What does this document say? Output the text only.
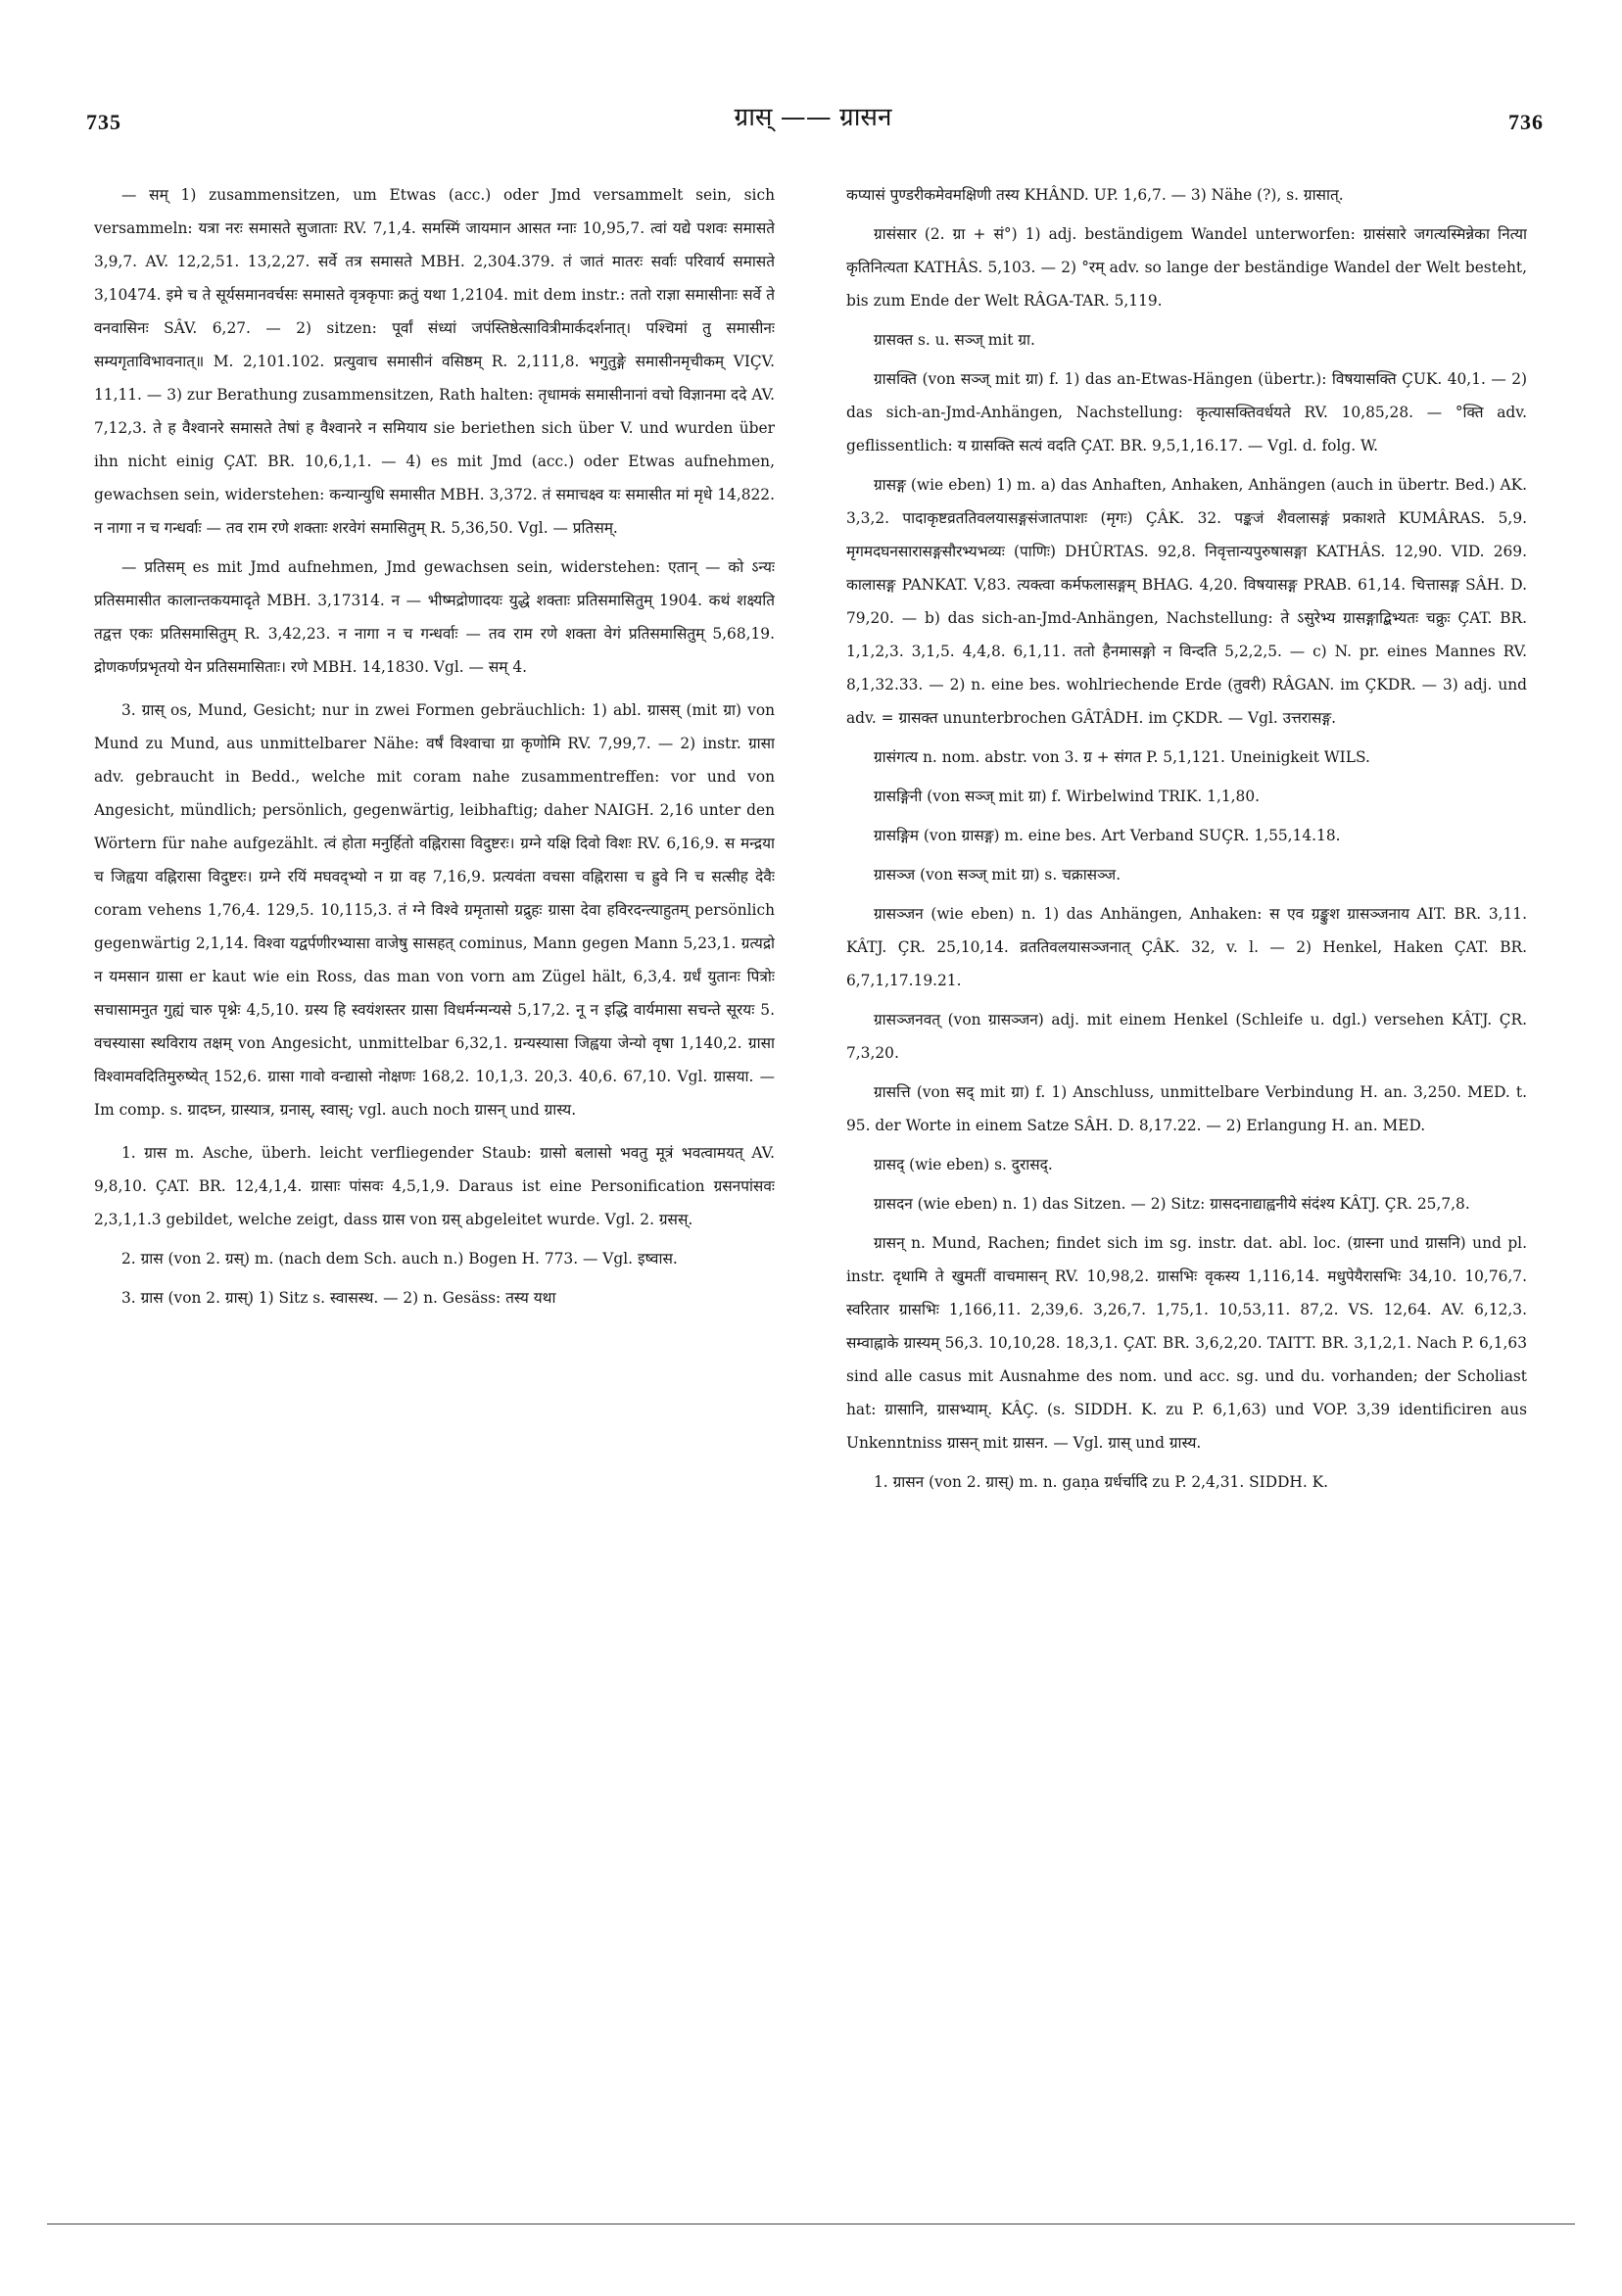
735	ग्रास् —— ग्रासन	736

— सम् 1) zusammensitzen, um Etwas (acc.) oder Jmd versammelt sein, sich versammeln: यत्रा नरः समासते सुजाताः RV. 7,1,4. समस्मिं जायमान आसत ग्नाः 10,95,7. त्वां यद्ये पशवः समासते 3,9,7. AV. 12,2,51. 13,2,27. सर्वे तत्र समासते MBH. 2,304.379. तं जातं मातरः सर्वाः परिवार्य समासते 3,10474. इमे च ते सूर्यसमानवर्चसः समासते वृत्रकृपाः क्रतुं यथा 1,2104. mit dem instr.: ततो राज्ञा समासीनाः सर्वे ते वनवासिनः SÂV. 6,27. — 2) sitzen: पूर्वां संध्यां जपंस्तिष्ठेत्सावित्रीमार्कदर्शनात्। पश्चिमां तु समासीनः सम्यगृताविभावनात्॥ M. 2,101.102. प्रत्युवाच समासीनं वसिष्ठम् R. 2,111,8. भगुतुङ्गे समासीनमृचीकम् VIÇV. 11,11. — 3) zur Berathung zusammensitzen, Rath halten: तृधामकं समासीनानां वचो विज्ञानमा ददे AV. 7,12,3. ते ह वैश्वानरे समासते तेषां ह वैश्वानरे न समियाय sie beriethen sich über V. und wurden über ihn nicht einig ÇAT. BR. 10,6,1,1. — 4) es mit Jmd (acc.) oder Etwas aufnehmen, gewachsen sein, widerstehen: कन्यान्युधि समासीत MBH. 3,372. तं समाचक्ष्व यः समासीत मां मृधे 14,822. न नागा न च गन्धर्वाः — तव राम रणे शक्ताः शरवेगं समासितुम् R. 5,36,50. Vgl. — प्रतिसम्.

— प्रतिसम् es mit Jmd aufnehmen, Jmd gewachsen sein, widerstehen: एतान् — को ऽन्यः प्रतिसमासीत कालान्तकयमादृते MBH. 3,17314. न — भीष्मद्रोणादयः युद्धे शक्ताः प्रतिसमासितुम् 1904. कथं शक्ष्यति तद्वत्त एकः प्रतिसमासितुम् R. 3,42,23. न नागा न च गन्धर्वाः — तव राम रणे शक्ता वेगं प्रतिसमासितुम् 5,68,19. द्रोणकर्णप्रभृतयो येन प्रतिसमासिताः। रणे MBH. 14,1830. Vgl. — सम् 4.

3. ग्रास् os, Mund, Gesicht; nur in zwei Formen gebräuchlich: 1) abl. ग्रासस् (mit ग्रा) von Mund zu Mund, aus unmittelbarer Nähe: वर्षं विश्वाचा ग्रा कृणोमि RV. 7,99,7. — 2) instr. ग्रासा adv. gebraucht in Bedd., welche mit coram nahe zusammentreffen: vor und von Angesicht, mündlich; persönlich, gegenwärtig, leibhaftig; daher NAIGH. 2,16 unter den Wörtern für nahe aufgezählt. त्वं होता मनुर्हितो वह्निरासा विदुष्टरः। ग्रग्ने यक्षि दिवो विशः RV. 6,16,9. स मन्द्रया च जिह्वया वह्निरासा विदुष्टरः। ग्रग्ने रयिं मघवद्भ्यो न ग्रा वह 7,16,9. प्रत्यवंता वचसा वह्निरासा च ह्रुवे नि च सत्सीह देवैः coram vehens 1,76,4. 129,5. 10,115,3. तं ग्ने विश्वे ग्रमृतासो ग्रद्रुहः ग्रासा देवा हविरदन्त्याहुतम् persönlich gegenwärtig 2,1,14. विश्वा यद्वर्पणीरभ्यासा वाजेषु सासहत् cominus, Mann gegen Mann 5,23,1. ग्रत्यद्रो न यमसान ग्रासा er kaut wie ein Ross, das man von vorn am Zügel hält, 6,3,4. ग्रर्धं युतानः पित्रोः सचासामनुत गुह्यं चारु पृश्नेः 4,5,10. ग्रस्य हि स्वयंशस्तर ग्रासा विधर्मन्मन्यसे 5,17,2. नू न इद्धि वार्यमासा सचन्ते सूरयः 5. वचस्यासा स्थविराय तक्षम् von Angesicht, unmittelbar 6,32,1. ग्रन्यस्यासा जिह्वया जेन्यो वृषा 1,140,2. ग्रासा विश्वामवदितिमुरुष्येत् 152,6. ग्रासा गावो वन्द्यासो नोक्षणः 168,2. 10,1,3. 20,3. 40,6. 67,10. Vgl. ग्रासया. — Im comp. s. ग्रादघ्न, ग्रास्यात्र, ग्रनास्, स्वास्; vgl. auch noch ग्रासन् und ग्रास्य.

1. ग्रास m. Asche, überh. leicht verfliegender Staub: ग्रासो बलासो भवतु मूत्रं भवत्वामयत् AV. 9,8,10. ÇAT. BR. 12,4,1,4. ग्रासाः पांसवः 4,5,1,9. Daraus ist eine Personification ग्रसनपांसवः 2,3,1,1.3 gebildet, welche zeigt, dass ग्रास von ग्रस् abgeleitet wurde. Vgl. 2. ग्रसस्.

2. ग्रास (von 2. ग्रस्) m. (nach dem Sch. auch n.) Bogen H. 773. — Vgl. इष्वास.

3. ग्रास (von 2. ग्रास्) 1) Sitz s. स्वासस्थ. — 2) n. Gesäss: तस्य यथा

कप्यासं पुण्डरीकमेवमक्षिणी तस्य KHÂND. UP. 1,6,7. — 3) Nähe (?), s. ग्रासात्.

ग्रासंसार (2. ग्रा + सं°) 1) adj. beständigem Wandel unterworfen: ग्रासंसारे जगत्यस्मिन्नेका नित्या कृतिनित्यता KATHÂS. 5,103. — 2) °रम् adv. so lange der beständige Wandel der Welt besteht, bis zum Ende der Welt RÂGA-TAR. 5,119.

ग्रासक्त s. u. सञ्ज् mit ग्रा.

ग्रासक्ति (von सञ्ज् mit ग्रा) f. 1) das an-Etwas-Hängen (übertr.): विषयासक्ति ÇUK. 40,1. — 2) das sich-an-Jmd-Anhängen, Nachstellung: कृत्यासक्तिवर्धयते RV. 10,85,28. — °क्ति adv. geflissentlich: य ग्रासक्ति सत्यं वदति ÇAT. BR. 9,5,1,16.17. — Vgl. d. folg. W.

ग्रासङ्ग (wie eben) 1) m. a) das Anhaften, Anhaken, Anhängen (auch in übertr. Bed.) AK. 3,3,2. पादाकृष्टव्रततिवलयासङ्गसंजातपाशः (मृगः) ÇÂK. 32. पङ्कजं शैवलासङ्गं प्रकाशते KUMÂRAS. 5,9. मृगमदघनसारासङ्गसौरभ्यभव्यः (पाणिः) DHÛRTAS. 92,8. निवृत्तान्यपुरुषासङ्गा KATHÂS. 12,90. VID. 269. कालासङ्ग PANKAT. V,83. त्यक्त्वा कर्मफलासङ्गम् BHAG. 4,20. विषयासङ्ग PRAB. 61,14. चित्तासङ्ग SÂH. D. 79,20. — b) das sich-an-Jmd-Anhängen, Nachstellung: ते ऽसुरेभ्य ग्रासङ्गाद्बिभ्यतः चक्रुः ÇAT. BR. 1,1,2,3. 3,1,5. 4,4,8. 6,1,11. ततो हैनमासङ्गो न विन्दति 5,2,2,5. — c) N. pr. eines Mannes RV. 8,1,32.33. — 2) n. eine bes. wohlriechende Erde (तुवरी) RÂGAN. im ÇKDR. — 3) adj. und adv. = ग्रासक्त ununterbrochen GÂTÂDH. im ÇKDR. — Vgl. उत्तरासङ्ग.

ग्रासंगत्य n. nom. abstr. von 3. ग्र + संगत P. 5,1,121. Uneinigkeit WILS.

ग्रासङ्गिनी (von सञ्ज् mit ग्रा) f. Wirbelwind TRIK. 1,1,80.

ग्रासङ्गिम (von ग्रासङ्ग) m. eine bes. Art Verband SUÇR. 1,55,14.18.

ग्रासञ्ज (von सञ्ज् mit ग्रा) s. चक्रासञ्ज.

ग्रासञ्जन (wie eben) n. 1) das Anhängen, Anhaken: स एव ग्रङ्कुश ग्रासञ्जनाय AIT. BR. 3,11. KÂTJ. ÇR. 25,10,14. व्रततिवलयासञ्जनात् ÇÂK. 32, v. l. — 2) Henkel, Haken ÇAT. BR. 6,7,1,17.19.21.

ग्रासञ्जनवत् (von ग्रासञ्जन) adj. mit einem Henkel (Schleife u. dgl.) versehen KÂTJ. ÇR. 7,3,20.

ग्रासत्ति (von सद् mit ग्रा) f. 1) Anschluss, unmittelbare Verbindung H. an. 3,250. MED. t. 95. der Worte in einem Satze SÂH. D. 8,17.22. — 2) Erlangung H. an. MED.

ग्रासद् (wie eben) s. दुरासद्.

ग्रासदन (wie eben) n. 1) das Sitzen. — 2) Sitz: ग्रासदनाद्याह्वनीये संदंश्य KÂTJ. ÇR. 25,7,8.

ग्रासन् n. Mund, Rachen; findet sich im sg. instr. dat. abl. loc. (ग्रास्ना und ग्रासनि) und pl. instr. दृथामि ते खुमतीं वाचमासन् RV. 10,98,2. ग्रासभिः वृकस्य 1,116,14. मधुपेयैरासभिः 34,10. 10,76,7. स्वरितार ग्रासभिः 1,166,11. 2,39,6. 3,26,7. 1,75,1. 10,53,11. 87,2. VS. 12,64. AV. 6,12,3. सम्वाह्नाके ग्रास्यम् 56,3. 10,10,28. 18,3,1. ÇAT. BR. 3,6,2,20. TAITT. BR. 3,1,2,1. Nach P. 6,1,63 sind alle casus mit Ausnahme des nom. und acc. sg. und du. vorhanden; der Scholiast hat: ग्रासानि, ग्रासभ्याम्. KÂÇ. (s. SIDDH. K. zu P. 6,1,63) und VOP. 3,39 identificiren aus Unkenntniss ग्रासन् mit ग्रासन. — Vgl. ग्रास् und ग्रास्य.

1. ग्रासन (von 2. ग्रास्) m. n. gaṇa ग्रर्धर्चादि zu P. 2,4,31. SIDDH. K.
